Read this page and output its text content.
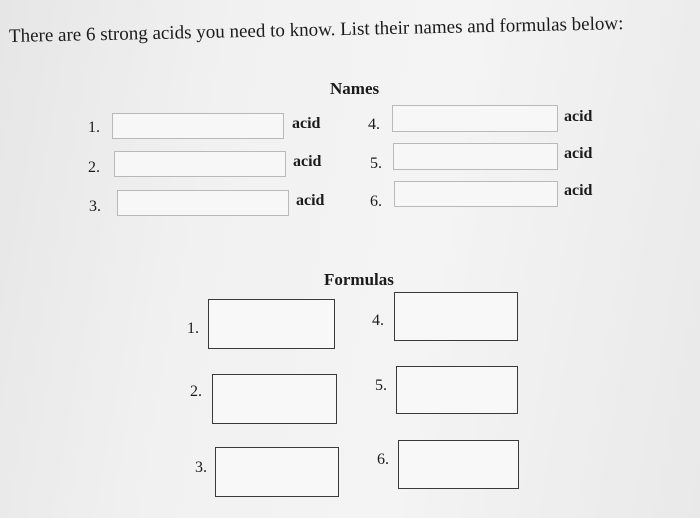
There are 6 strong acids you need to know. List their names and formulas below:
Names
1.	acid
2.	acid
3.	acid
4.	acid
5.
acid
6.
acid
Formulas
1.
2.
3.
4.
5.
6.
